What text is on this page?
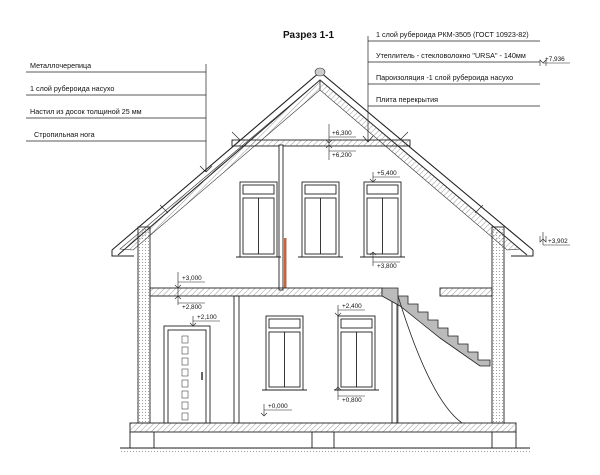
Разрез 1-1
Металлочерепица
1 слой рубероида насухо
Настил из досок толщиной 25 мм
Стропильная нога
1 слой рубероида РКМ-3505 (ГОСТ 10923-82)
Утеплитель - стекловолокно "URSA" - 140мм
Пароизоляция -1 слой рубероида насухо
Плита перекрытия
+7,936
+3,902
+6,300
+6,200
+5,400
+3,800
+3,000
+2,800
+2,100
+2,400
+0,800
+0,000
